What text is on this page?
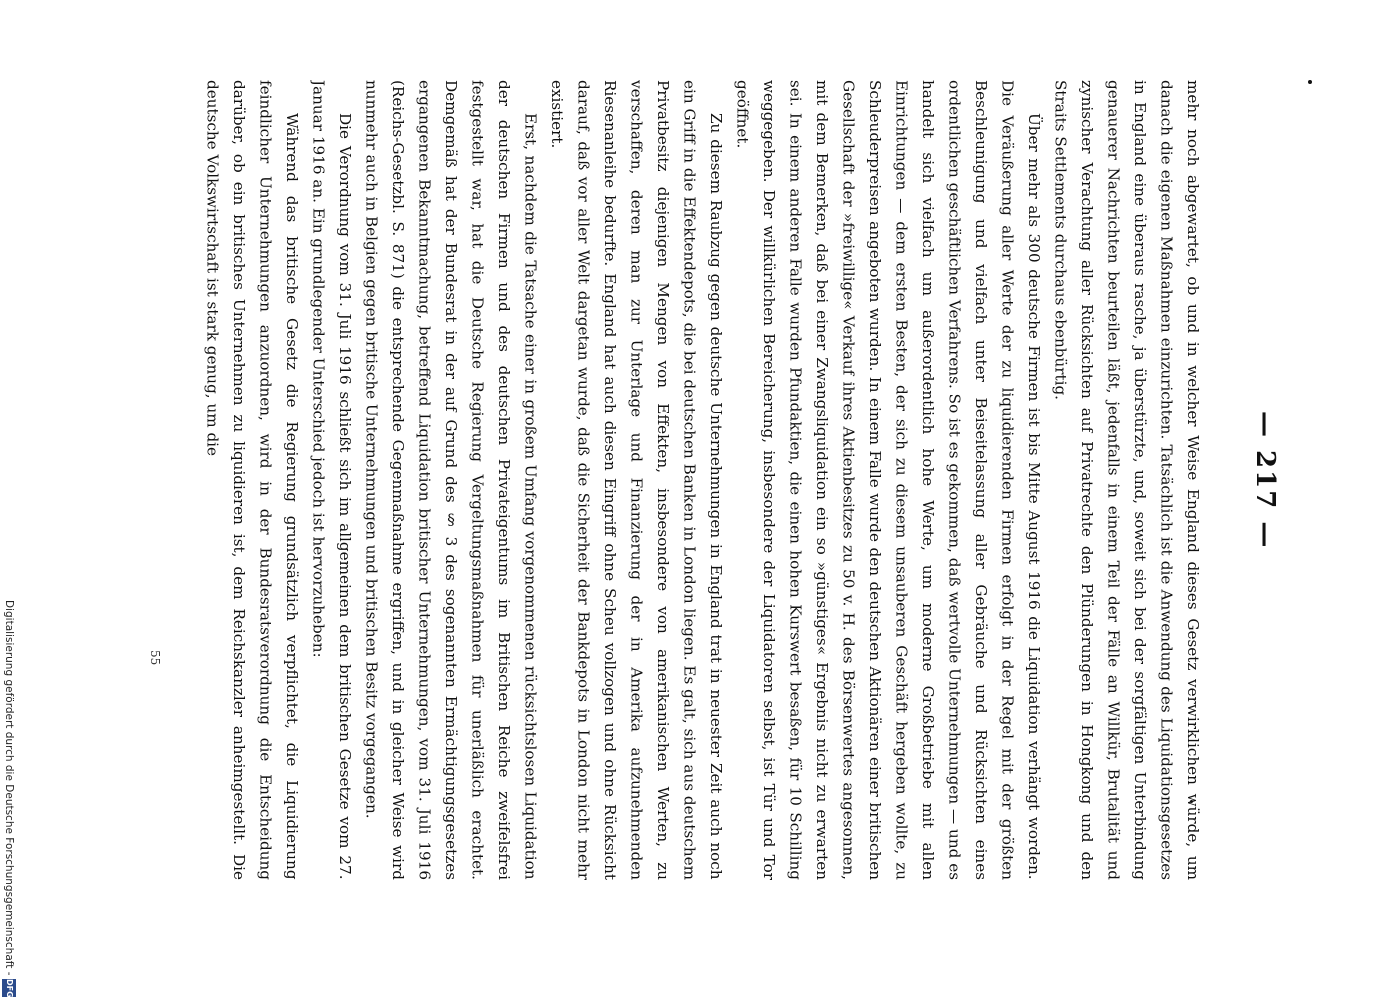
— 217 —

mehr noch abgewartet, ob und in welcher Weise England dieses Gesetz verwirklichen würde, um danach die eigenen Maßnahmen einzurichten. Tatsächlich ist die Anwendung des Liquidationsgesetzes in England eine überaus rasche, ja überstürzte, und, soweit sich bei der sorgfältigen Unterbindung genauerer Nachrichten beurteilen läßt, jedenfalls in einem Teil der Fälle an Willkür, Brutalität und zynischer Verachtung aller Rücksichten auf Privatrechte den Plünderungen in Hongkong und den Straits Settlements durchaus ebenbürtig.

Über mehr als 300 deutsche Firmen ist bis Mitte August 1916 die Liquidation verhängt worden. Die Veräußerung aller Werte der zu liquidierenden Firmen erfolgt in der Regel mit der größten Beschleunigung und vielfach unter Beiseitelassung aller Gebräuche und Rücksichten eines ordentlichen geschäftlichen Verfahrens. So ist es gekommen, daß wertvolle Unternehmungen — und es handelt sich vielfach um außerordentlich hohe Werte, um moderne Großbetriebe mit allen Einrichtungen — dem ersten Besten, der sich zu diesem unsauberen Geschäft hergeben wollte, zu Schleuderpreisen angeboten wurden. In einem Falle wurde den deutschen Aktionären einer britischen Gesellschaft der »freiwillige« Verkauf ihres Aktienbesitzes zu 50 v. H. des Börsenwertes angesonnen, mit dem Bemerken, daß bei einer Zwangsliquidation ein so »günstiges« Ergebnis nicht zu erwarten sei. In einem anderen Falle wurden Pfundaktien, die einen hohen Kurswert besaßen, für 10 Schilling weggegeben. Der willkürlichen Bereicherung, insbesondere der Liquidatoren selbst, ist Tür und Tor geöffnet.

Zu diesem Raubzug gegen deutsche Unternehmungen in England trat in neuester Zeit auch noch ein Griff in die Effektendepots, die bei deutschen Banken in London liegen. Es galt, sich aus deutschem Privatbesitz diejenigen Mengen von Effekten, insbesondere von amerikanischen Werten, zu verschaffen, deren man zur Unterlage und Finanzierung der in Amerika aufzunehmenden Riesenanleihe bedurfte. England hat auch diesen Eingriff ohne Scheu vollzogen und ohne Rücksicht darauf, daß vor aller Welt dargetan wurde, daß die Sicherheit der Bankdepots in London nicht mehr existiert.

Erst, nachdem die Tatsache einer in großem Umfang vorgenommenen rücksichtslosen Liquidation der deutschen Firmen und des deutschen Privateigentums im Britischen Reiche zweifelsfrei festgestellt war, hat die Deutsche Regierung Vergeltungsmaßnahmen für unerläßlich erachtet. Demgemäß hat der Bundesrat in der auf Grund des § 3 des sogenannten Ermächtigungsgesetzes ergangenen Bekanntmachung, betreffend Liquidation britischer Unternehmungen, vom 31. Juli 1916 (Reichs-Gesetzbl. S. 871) die entsprechende Gegenmaßnahme ergriffen, und in gleicher Weise wird nunmehr auch in Belgien gegen britische Unternehmungen und britischen Besitz vorgegangen.

Die Verordnung vom 31. Juli 1916 schließt sich im allgemeinen dem britischen Gesetze vom 27. Januar 1916 an. Ein grundlegender Unterschied jedoch ist hervorzuheben:

Während das britische Gesetz die Regierung grundsätzlich verpflichtet, die Liquidierung feindlicher Unternehmungen anzuordnen, wird in der Bundesratsverordnung die Entscheidung darüber, ob ein britisches Unternehmen zu liquidieren ist, dem Reichskanzler anheimgestellt. Die deutsche Volkswirtschaft ist stark genug, um die

55
Digitalisierung gefördert durch die Deutsche Forschungsgemeinschaft -
DFG
